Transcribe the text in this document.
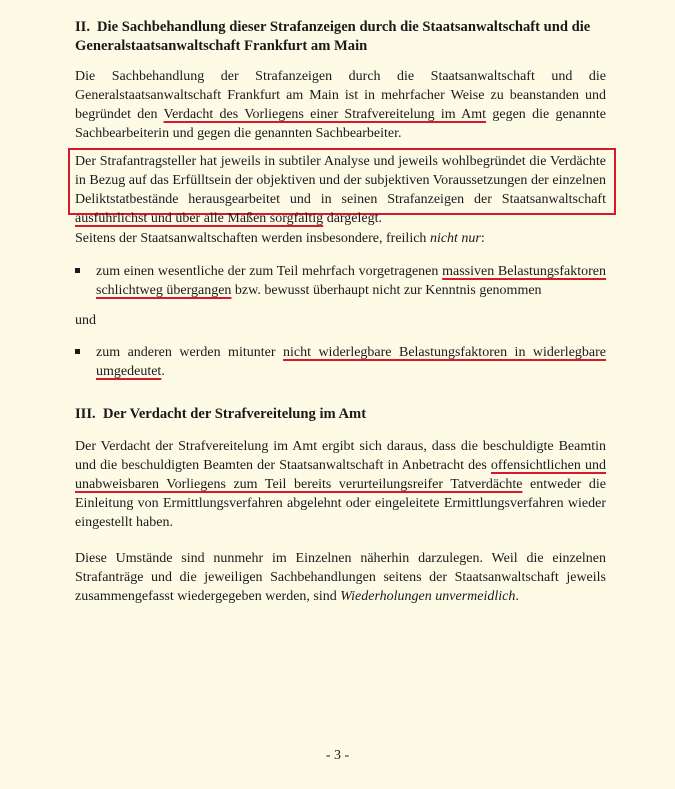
II. Die Sachbehandlung dieser Strafanzeigen durch die Staatsanwaltschaft und die Generalstaatsanwaltschaft Frankfurt am Main
Die Sachbehandlung der Strafanzeigen durch die Staatsanwaltschaft und die Generalstaatsanwaltschaft Frankfurt am Main ist in mehrfacher Weise zu beanstanden und begründet den Verdacht des Vorliegens einer Strafvereitelung im Amt gegen die genannte Sachbearbeiterin und gegen die genannten Sachbearbeiter.
Der Strafantragsteller hat jeweils in subtiler Analyse und jeweils wohlbegründet die Verdächte in Bezug auf das Erfülltsein der objektiven und der subjektiven Voraussetzungen der einzelnen Deliktstatbestände herausgearbeitet und in seinen Strafanzeigen der Staatsanwaltschaft ausführlichst und über alle Maßen sorgfältig dargelegt.
Seitens der Staatsanwaltschaften werden insbesondere, freilich nicht nur:
zum einen wesentliche der zum Teil mehrfach vorgetragenen massiven Belastungsfaktoren schlichtweg übergangen bzw. bewusst überhaupt nicht zur Kenntnis genommen
und
zum anderen werden mitunter nicht widerlegbare Belastungsfaktoren in widerlegbare umgedeutet.
III. Der Verdacht der Strafvereitelung im Amt
Der Verdacht der Strafvereitelung im Amt ergibt sich daraus, dass die beschuldigte Beamtin und die beschuldigten Beamten der Staatsanwaltschaft in Anbetracht des offensichtlichen und unabweisbaren Vorliegens zum Teil bereits verurteilungsreifer Tatverdächte entweder die Einleitung von Ermittlungsverfahren abgelehnt oder eingeleitete Ermittlungsverfahren wieder eingestellt haben.
Diese Umstände sind nunmehr im Einzelnen näherhin darzulegen. Weil die einzelnen Strafanträge und die jeweiligen Sachbehandlungen seitens der Staatsanwaltschaft jeweils zusammengefasst wiedergegeben werden, sind Wiederholungen unvermeidlich.
- 3 -
